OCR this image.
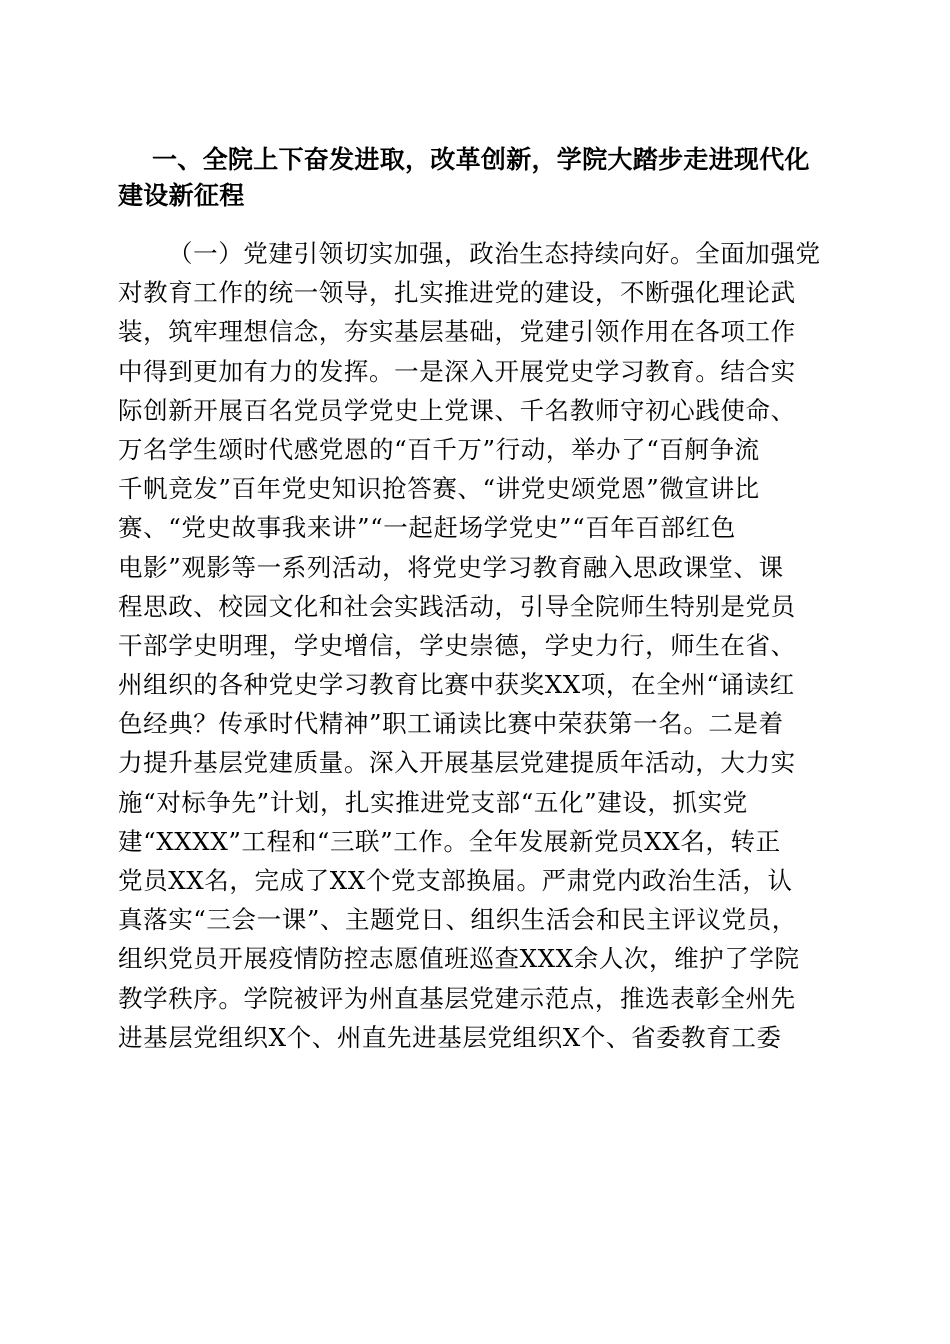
一、全院上下奋发进取，改革创新，学院大踏步走进现代化
建设新征程
（一）党建引领切实加强，政治生态持续向好。全面加强党
对教育工作的统一领导，扎实推进党的建设，不断强化理论武
装，筑牢理想信念，夯实基层基础，党建引领作用在各项工作
中得到更加有力的发挥。一是深入开展党史学习教育。结合实
际创新开展百名党员学党史上党课、千名教师守初心践使命、
万名学生颂时代感党恩的“百千万”行动，举办了“百舸争流
千帆竞发”百年党史知识抢答赛、“讲党史颂党恩”微宣讲比
赛、“党史故事我来讲”“一起赶场学党史”“百年百部红色
电影”观影等一系列活动，将党史学习教育融入思政课堂、课
程思政、校园文化和社会实践活动，引导全院师生特别是党员
干部学史明理，学史增信，学史崇德，学史力行，师生在省、
州组织的各种党史学习教育比赛中获奖XX项，在全州“诵读红
色经典？传承时代精神”职工诵读比赛中荣获第一名。二是着
力提升基层党建质量。深入开展基层党建提质年活动，大力实
施“对标争先”计划，扎实推进党支部“五化”建设，抓实党
建“XXXX”工程和“三联”工作。全年发展新党员XX名，转正
党员XX名，完成了XX个党支部换届。严肃党内政治生活，认
真落实“三会一课”、主题党日、组织生活会和民主评议党员，
组织党员开展疫情防控志愿值班巡查XXX余人次，维护了学院
教学秩序。学院被评为州直基层党建示范点，推选表彰全州先
进基层党组织X个、州直先进基层党组织X个、省委教育工委
